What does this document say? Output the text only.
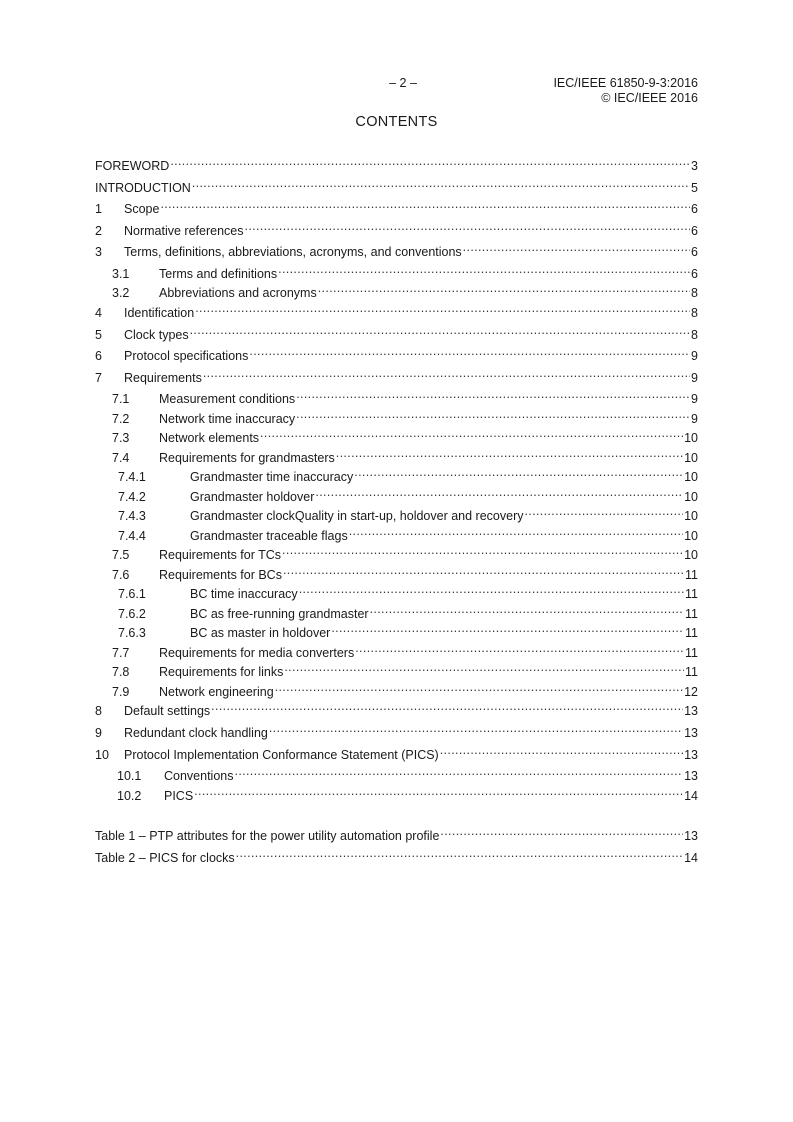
– 2 –	IEC/IEEE 61850-9-3:2016
© IEC/IEEE 2016
CONTENTS
FOREWORD .....	3
INTRODUCTION .....	5
1	Scope .....	6
2	Normative references .....	6
3	Terms, definitions, abbreviations, acronyms, and conventions .....	6
3.1	Terms and definitions .....	6
3.2	Abbreviations and acronyms .....	8
4	Identification .....	8
5	Clock types .....	8
6	Protocol specifications .....	9
7	Requirements .....	9
7.1	Measurement conditions .....	9
7.2	Network time inaccuracy .....	9
7.3	Network elements .....	10
7.4	Requirements for grandmasters .....	10
7.4.1	Grandmaster time inaccuracy .....	10
7.4.2	Grandmaster holdover .....	10
7.4.3	Grandmaster clockQuality in start-up, holdover and recovery .....	10
7.4.4	Grandmaster traceable flags .....	10
7.5	Requirements for TCs .....	10
7.6	Requirements for BCs .....	11
7.6.1	BC time inaccuracy .....	11
7.6.2	BC as free-running grandmaster .....	11
7.6.3	BC as master in holdover .....	11
7.7	Requirements for media converters .....	11
7.8	Requirements for links .....	11
7.9	Network engineering .....	12
8	Default settings .....	13
9	Redundant clock handling .....	13
10	Protocol Implementation Conformance Statement (PICS) .....	13
10.1	Conventions .....	13
10.2	PICS .....	14
Table 1 – PTP attributes for the power utility automation profile .....	13
Table 2 – PICS for clocks .....	14
